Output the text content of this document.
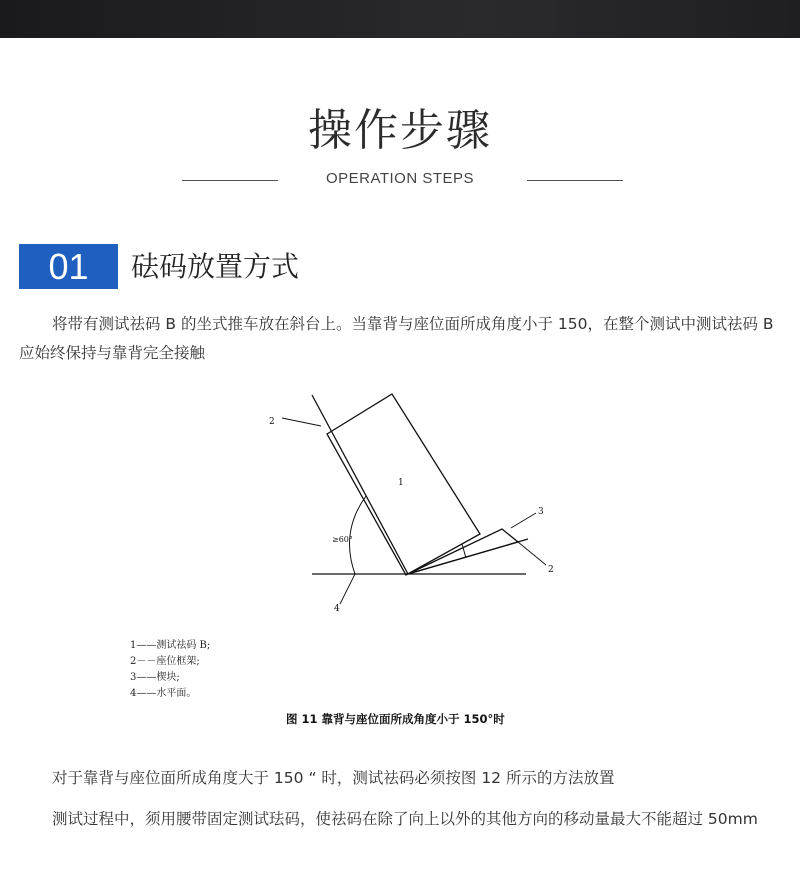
操作步骤
OPERATION STEPS
01	砝码放置方式
将带有测试祛码 B 的坐式推车放在斜台上。当靠背与座位面所成角度小于 150，在整个测试中测试祛码 B 应始终保持与靠背完全接触
2
1
3
2
4
≥60°
1——测试祛码 B;
2－－座位框架;
3——楔块;
4——水平面。
图 11 靠背与座位面所成角度小于 150°时
对于靠背与座位面所成角度大于 150 “ 时，测试祛码必须按图 12 所示的方法放置
测试过程中，须用腰带固定测试珐码，使祛码在除了向上以外的其他方向的移动量最大不能超过 50mm
